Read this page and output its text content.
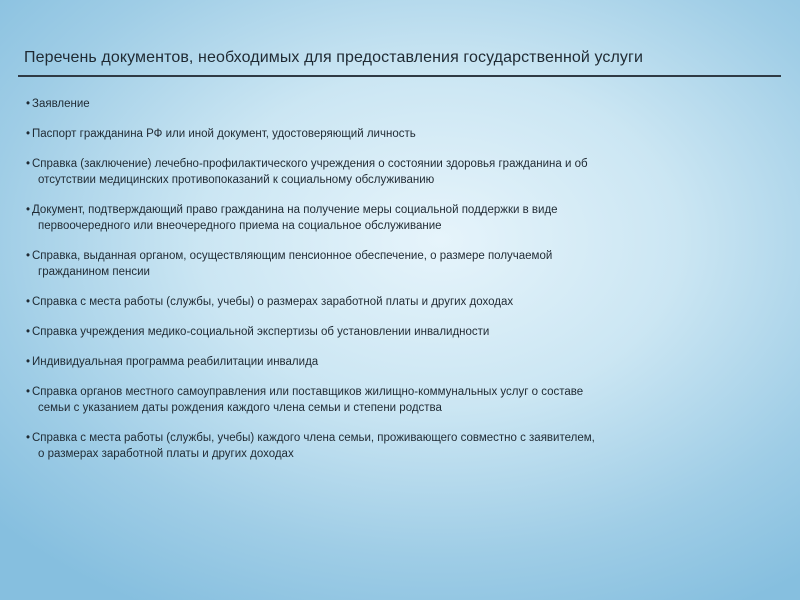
Перечень документов, необходимых для предоставления государственной услуги
• Заявление
• Паспорт гражданина РФ или иной документ, удостоверяющий личность
• Справка (заключение) лечебно-профилактического учреждения о состоянии здоровья гражданина и об
отсутствии медицинских противопоказаний к социальному обслуживанию
• Документ, подтверждающий право гражданина на получение меры социальной поддержки в виде
первоочередного или внеочередного приема на социальное обслуживание
• Справка, выданная органом, осуществляющим пенсионное обеспечение, о размере получаемой
гражданином пенсии
• Справка с места работы (службы, учебы) о размерах заработной платы и других доходах
• Справка учреждения медико-социальной экспертизы об установлении инвалидности
• Индивидуальная программа реабилитации инвалида
• Справка органов местного самоуправления или поставщиков жилищно-коммунальных услуг о составе
семьи с указанием даты рождения каждого члена семьи и степени родства
• Справка с места работы (службы, учебы) каждого члена семьи, проживающего совместно с заявителем,
о размерах заработной платы и других доходах
